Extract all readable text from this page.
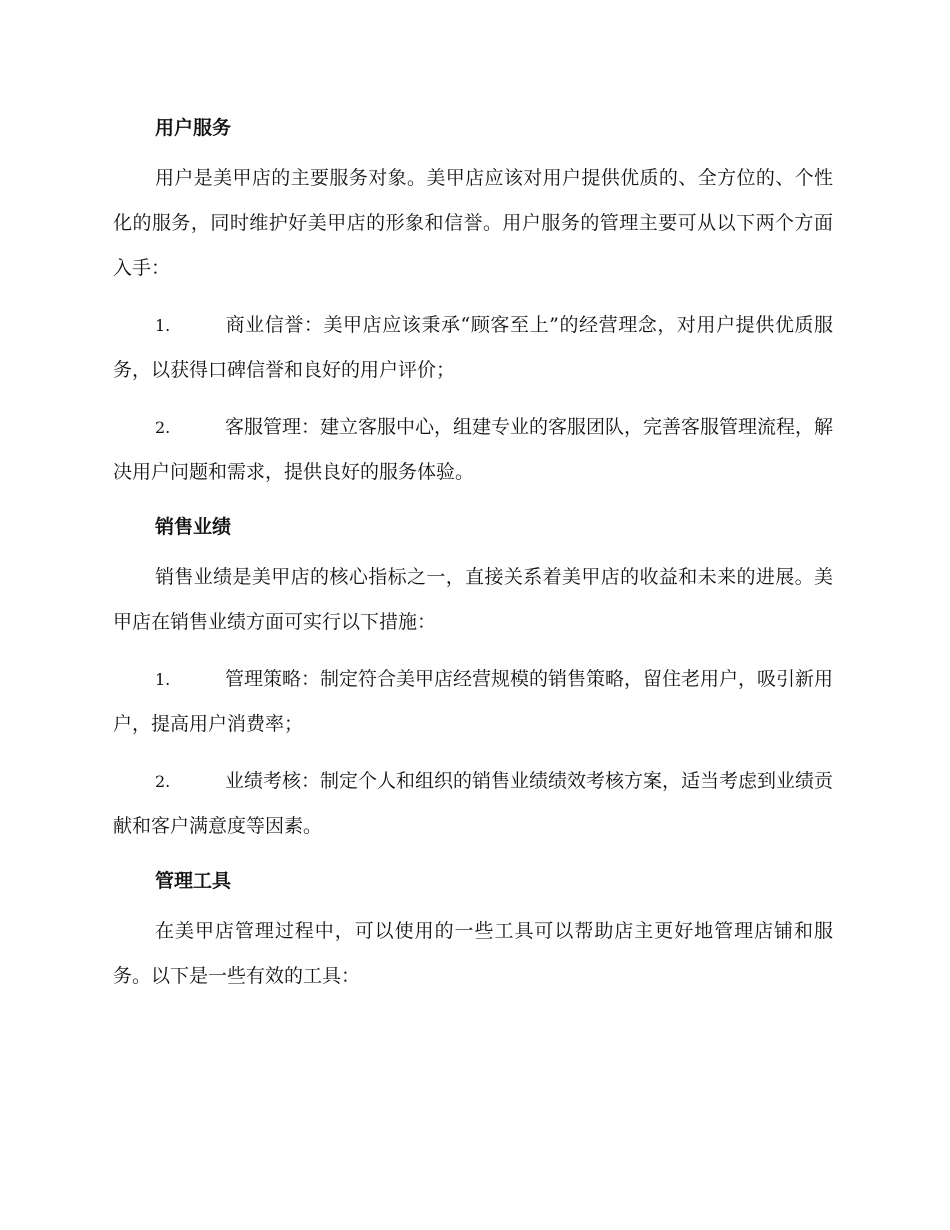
用户服务

用户是美甲店的主要服务对象。美甲店应该对用户提供优质的、全方位的、个性化的服务，同时维护好美甲店的形象和信誉。用户服务的管理主要可从以下两个方面入手：

1.	商业信誉：美甲店应该秉承“顾客至上”的经营理念，对用户提供优质服务，以获得口碑信誉和良好的用户评价；

2.	客服管理：建立客服中心，组建专业的客服团队，完善客服管理流程，解决用户问题和需求，提供良好的服务体验。

销售业绩

销售业绩是美甲店的核心指标之一，直接关系着美甲店的收益和未来的进展。美甲店在销售业绩方面可实行以下措施：

1.	管理策略：制定符合美甲店经营规模的销售策略，留住老用户，吸引新用户，提高用户消费率；

2.	业绩考核：制定个人和组织的销售业绩绩效考核方案，适当考虑到业绩贡献和客户满意度等因素。

管理工具

在美甲店管理过程中，可以使用的一些工具可以帮助店主更好地管理店铺和服务。以下是一些有效的工具：
